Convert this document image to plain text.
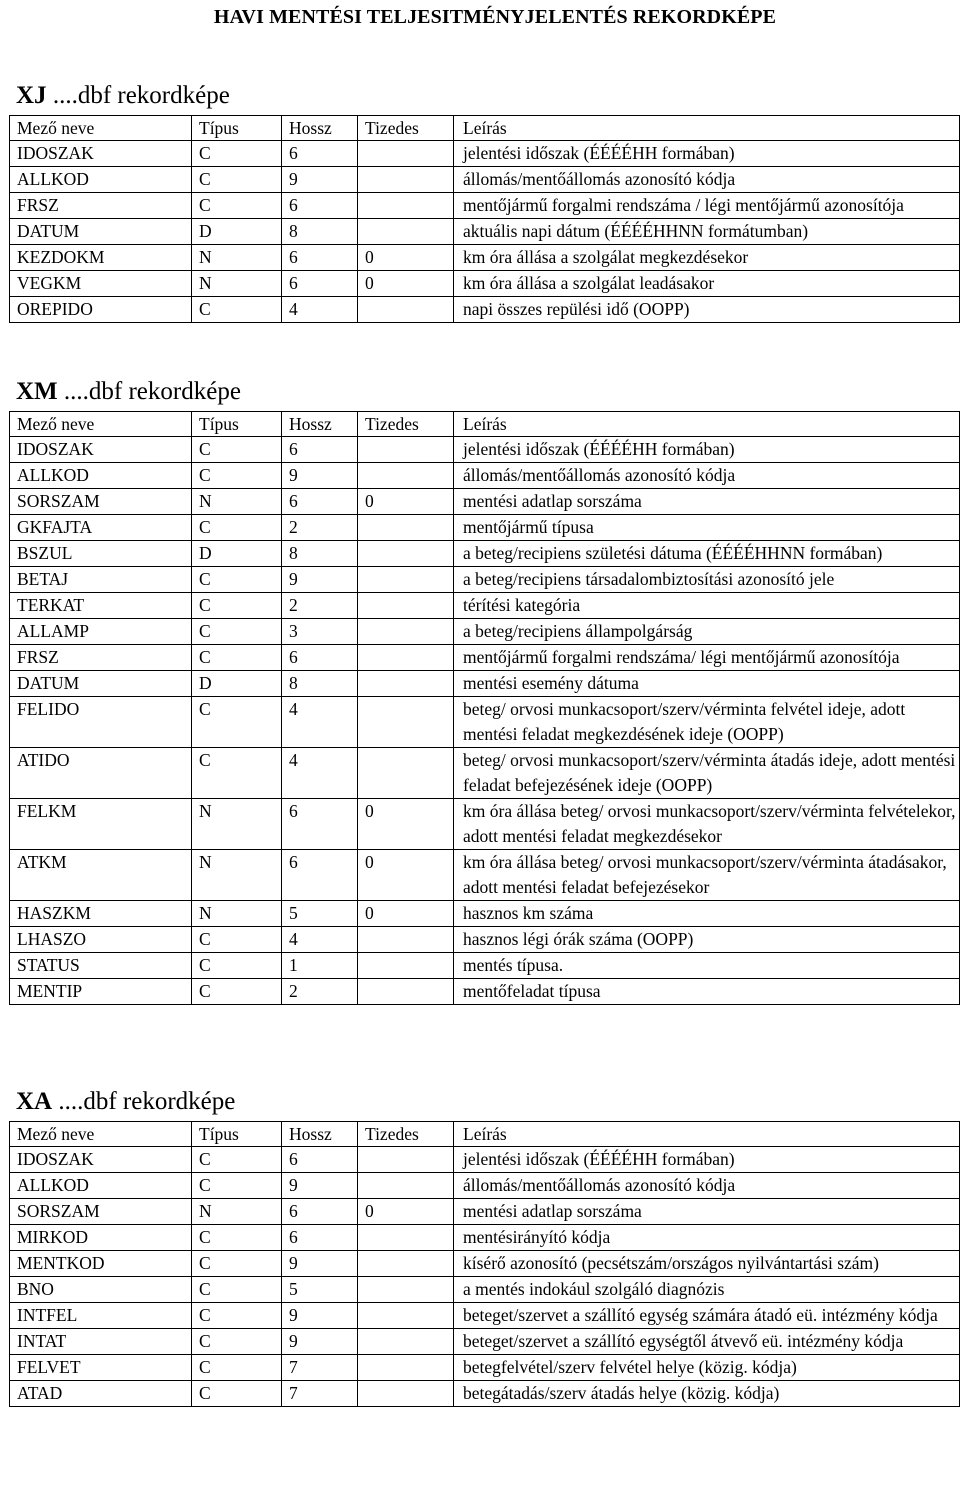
HAVI MENTÉSI TELJESITMÉNYJELENTÉS REKORDKÉPE
XJ ....dbf rekordképe
Mező neve	Típus	Hossz	Tizedes	Leírás
IDOSZAK	C	6		jelentési időszak (ÉÉÉÉHH formában)
ALLKOD	C	9		állomás/mentőállomás azonosító kódja
FRSZ	C	6		mentőjármű forgalmi rendszáma / légi mentőjármű azonosítója
DATUM	D	8		aktuális napi dátum (ÉÉÉÉHHNN formátumban)
KEZDOKM	N	6	0	km óra állása a szolgálat megkezdésekor
VEGKM	N	6	0	km óra állása a szolgálat leadásakor
OREPIDO	C	4		napi összes repülési idő (OOPP)
XM ....dbf rekordképe
Mező neve	Típus	Hossz	Tizedes	Leírás
IDOSZAK	C	6		jelentési időszak (ÉÉÉÉHH formában)
ALLKOD	C	9		állomás/mentőállomás azonosító kódja
SORSZAM	N	6	0	mentési adatlap sorszáma
GKFAJTA	C	2		mentőjármű típusa
BSZUL	D	8		a beteg/recipiens születési dátuma (ÉÉÉÉHHNN formában)
BETAJ	C	9		a beteg/recipiens társadalombiztosítási azonosító jele
TERKAT	C	2		térítési kategória
ALLAMP	C	3		a beteg/recipiens állampolgárság
FRSZ	C	6		mentőjármű forgalmi rendszáma/ légi mentőjármű azonosítója
DATUM	D	8		mentési esemény dátuma
FELIDO	C	4		beteg/ orvosi munkacsoport/szerv/vérminta felvétel ideje, adott mentési feladat megkezdésének ideje (OOPP)
ATIDO	C	4		beteg/ orvosi munkacsoport/szerv/vérminta átadás ideje, adott mentési feladat befejezésének ideje (OOPP)
FELKM	N	6	0	km óra állása beteg/ orvosi munkacsoport/szerv/vérminta felvételekor, adott mentési feladat megkezdésekor
ATKM	N	6	0	km óra állása beteg/ orvosi munkacsoport/szerv/vérminta átadásakor, adott mentési feladat befejezésekor
HASZKM	N	5	0	hasznos km száma
LHASZO	C	4		hasznos légi órák száma (OOPP)
STATUS	C	1		mentés típusa.
MENTIP	C	2		mentőfeladat típusa
XA ....dbf rekordképe
Mező neve	Típus	Hossz	Tizedes	Leírás
IDOSZAK	C	6		jelentési időszak (ÉÉÉÉHH formában)
ALLKOD	C	9		állomás/mentőállomás azonosító kódja
SORSZAM	N	6	0	mentési adatlap sorszáma
MIRKOD	C	6		mentésirányító kódja
MENTKOD	C	9		kísérő azonosító (pecsétszám/országos nyilvántartási szám)
BNO	C	5		a mentés indokául szolgáló diagnózis
INTFEL	C	9		beteget/szervet a szállító egység számára átadó eü. intézmény kódja
INTAT	C	9		beteget/szervet a szállító egységtől átvevő eü. intézmény kódja
FELVET	C	7		betegfelvétel/szerv felvétel helye (közig. kódja)
ATAD	C	7		betegátadás/szerv átadás helye (közig. kódja)
